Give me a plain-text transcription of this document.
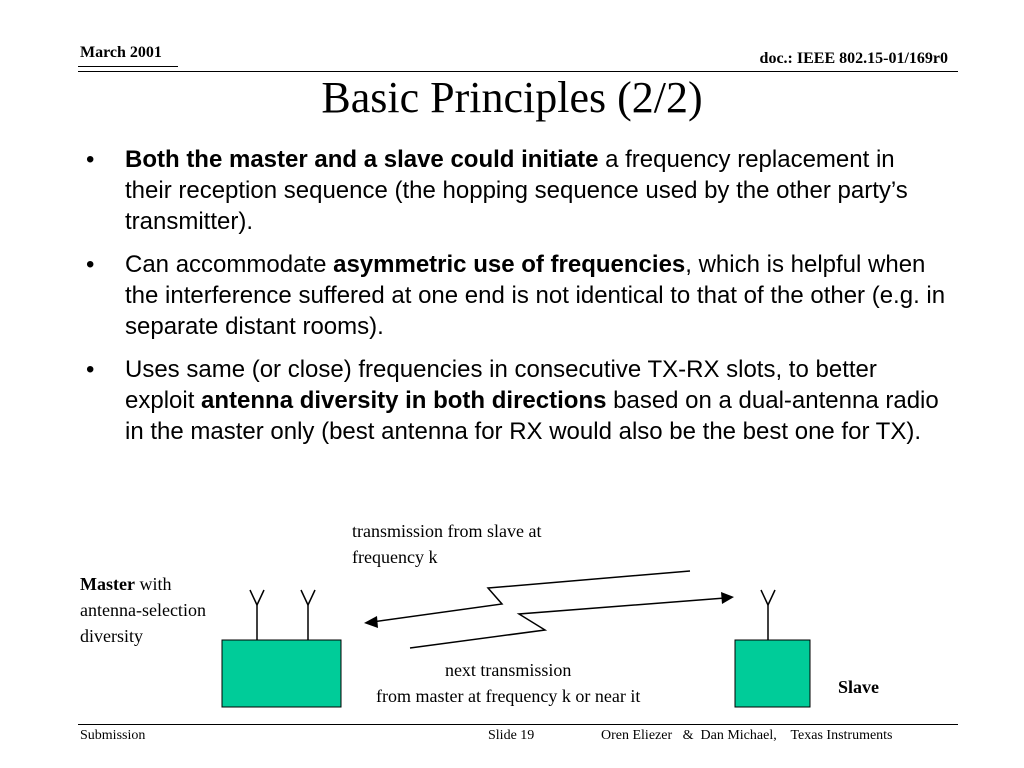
March 2001	doc.: IEEE 802.15-01/169r0
Basic Principles (2/2)
• Both the master and a slave could initiate a frequency replacement in their reception sequence (the hopping sequence used by the other party’s transmitter).
• Can accommodate asymmetric use of frequencies, which is helpful when the interference suffered at one end is not identical to that of the other (e.g. in separate distant rooms).
• Uses same (or close) frequencies in consecutive TX-RX slots, to better exploit antenna diversity in both directions based on a dual-antenna radio in the master only (best antenna for RX would also be the best one for TX).
transmission from slave at
frequency k
Master with
antenna-selection
diversity
next transmission
from master at frequency k or near it	Slave
Submission	Slide 19	Oren Eliezer   &  Dan Michael,    Texas Instruments
